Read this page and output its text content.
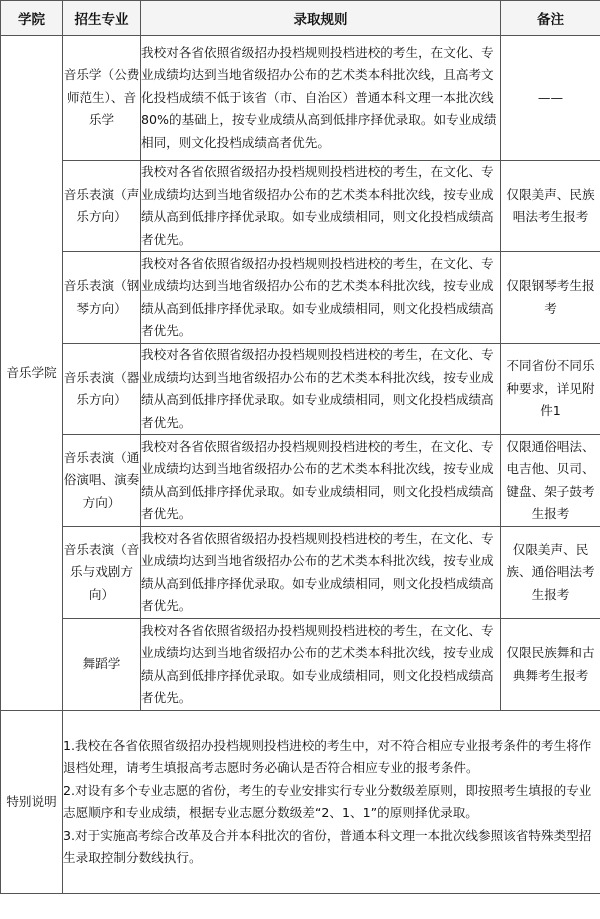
学院	招生专业	录取规则	备注
音乐学院	音乐学（公费师范生）、音乐学	我校对各省依照省级招办投档规则投档进校的考生，在文化、专业成绩均达到当地省级招办公布的艺术类本科批次线，且高考文化投档成绩不低于该省（市、自治区）普通本科文理一本批次线80%的基础上，按专业成绩从高到低排序择优录取。如专业成绩相同，则文化投档成绩高者优先。	——
	音乐表演（声乐方向）	我校对各省依照省级招办投档规则投档进校的考生，在文化、专业成绩均达到当地省级招办公布的艺术类本科批次线，按专业成绩从高到低排序择优录取。如专业成绩相同，则文化投档成绩高者优先。	仅限美声、民族唱法考生报考
	音乐表演（钢琴方向）	我校对各省依照省级招办投档规则投档进校的考生，在文化、专业成绩均达到当地省级招办公布的艺术类本科批次线，按专业成绩从高到低排序择优录取。如专业成绩相同，则文化投档成绩高者优先。	仅限钢琴考生报考
	音乐表演（器乐方向）	我校对各省依照省级招办投档规则投档进校的考生，在文化、专业成绩均达到当地省级招办公布的艺术类本科批次线，按专业成绩从高到低排序择优录取。如专业成绩相同，则文化投档成绩高者优先。	不同省份不同乐种要求，详见附件1
	音乐表演（通俗演唱、演奏方向）	我校对各省依照省级招办投档规则投档进校的考生，在文化、专业成绩均达到当地省级招办公布的艺术类本科批次线，按专业成绩从高到低排序择优录取。如专业成绩相同，则文化投档成绩高者优先。	仅限通俗唱法、电吉他、贝司、键盘、架子鼓考生报考
	音乐表演（音乐与戏剧方向）	我校对各省依照省级招办投档规则投档进校的考生，在文化、专业成绩均达到当地省级招办公布的艺术类本科批次线，按专业成绩从高到低排序择优录取。如专业成绩相同，则文化投档成绩高者优先。	仅限美声、民族、通俗唱法考生报考
	舞蹈学	我校对各省依照省级招办投档规则投档进校的考生，在文化、专业成绩均达到当地省级招办公布的艺术类本科批次线，按专业成绩从高到低排序择优录取。如专业成绩相同，则文化投档成绩高者优先。	仅限民族舞和古典舞考生报考
特别说明	1.我校在各省依照省级招办投档规则投档进校的考生中，对不符合相应专业报考条件的考生将作退档处理，请考生填报高考志愿时务必确认是否符合相应专业的报考条件。
2.对设有多个专业志愿的省份，考生的专业安排实行专业分数级差原则，即按照考生填报的专业志愿顺序和专业成绩，根据专业志愿分数级差“2、1、1”的原则择优录取。
3.对于实施高考综合改革及合并本科批次的省份，普通本科文理一本批次线参照该省特殊类型招生录取控制分数线执行。		
